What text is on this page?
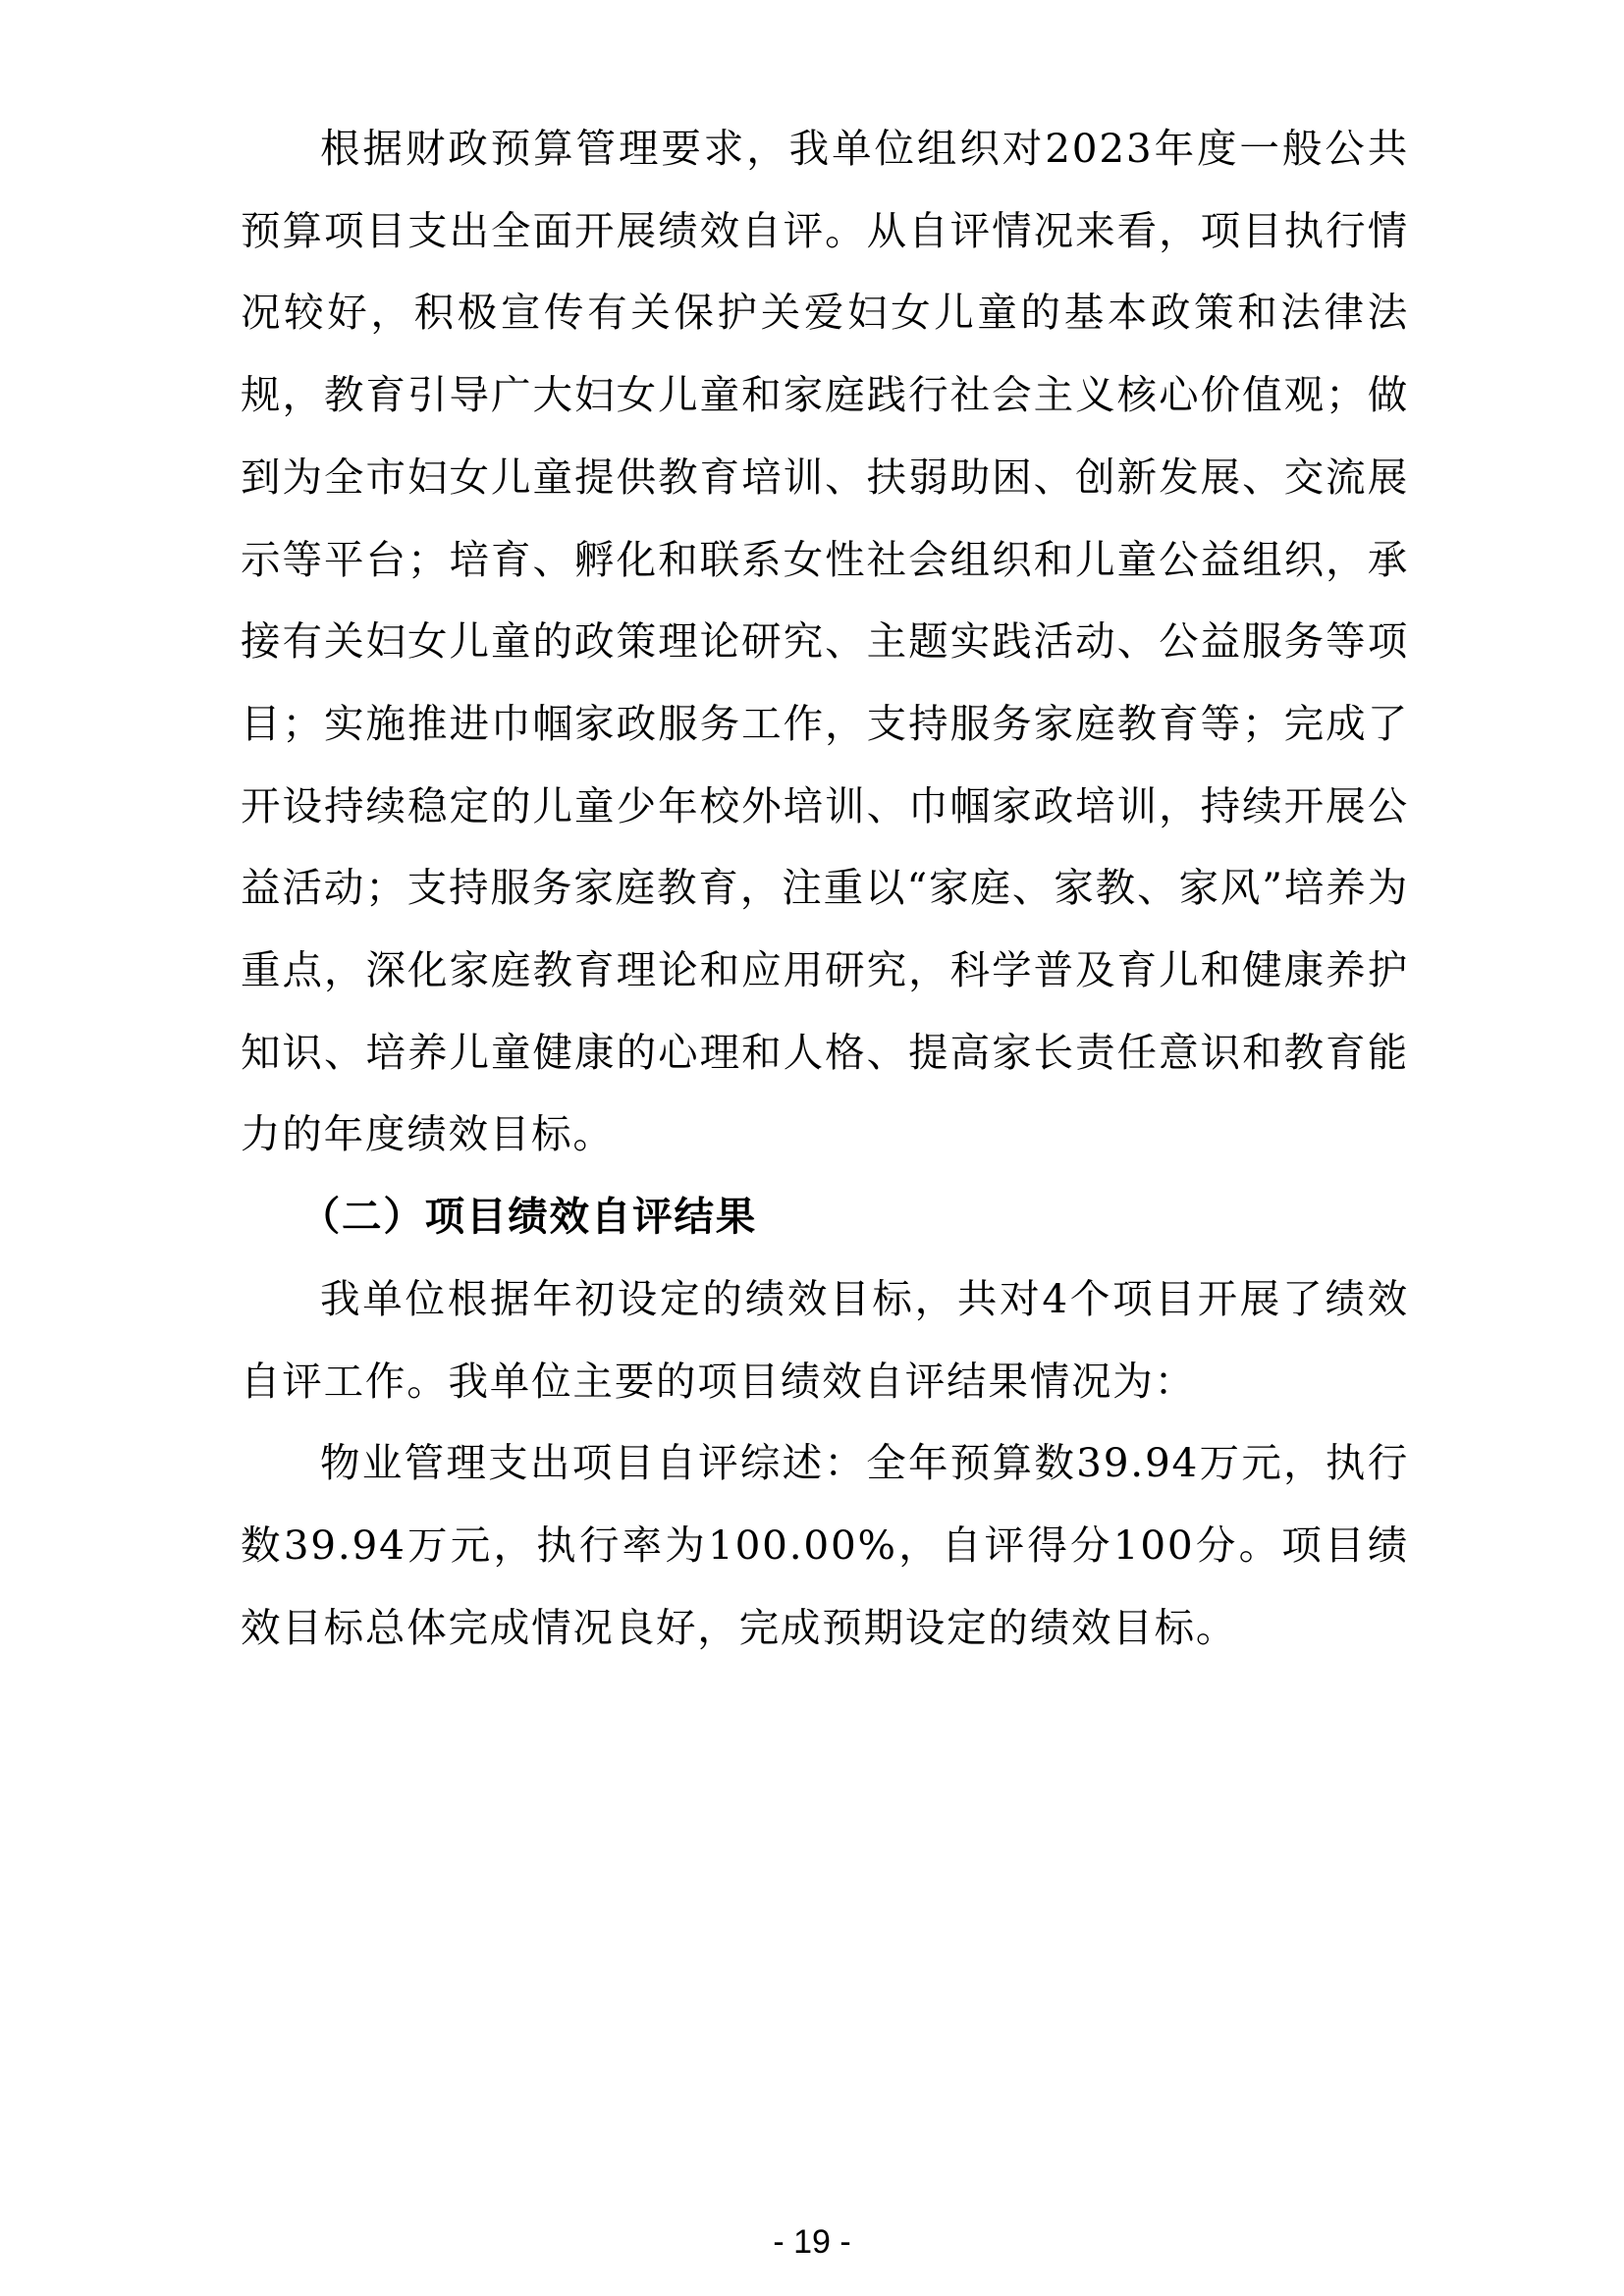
根据财政预算管理要求，我单位组织对2023年度一般公共预算项目支出全面开展绩效自评。从自评情况来看，项目执行情况较好，积极宣传有关保护关爱妇女儿童的基本政策和法律法规，教育引导广大妇女儿童和家庭践行社会主义核心价值观；做到为全市妇女儿童提供教育培训、扶弱助困、创新发展、交流展示等平台；培育、孵化和联系女性社会组织和儿童公益组织，承接有关妇女儿童的政策理论研究、主题实践活动、公益服务等项目；实施推进巾帼家政服务工作，支持服务家庭教育等；完成了开设持续稳定的儿童少年校外培训、巾帼家政培训，持续开展公益活动；支持服务家庭教育，注重以“家庭、家教、家风”培养为重点，深化家庭教育理论和应用研究，科学普及育儿和健康养护知识、培养儿童健康的心理和人格、提高家长责任意识和教育能力的年度绩效目标。

（二）项目绩效自评结果

我单位根据年初设定的绩效目标，共对4个项目开展了绩效自评工作。我单位主要的项目绩效自评结果情况为：

物业管理支出项目自评综述：全年预算数39.94万元，执行数39.94万元，执行率为100.00%，自评得分100分。项目绩效目标总体完成情况良好，完成预期设定的绩效目标。

- 19 -
